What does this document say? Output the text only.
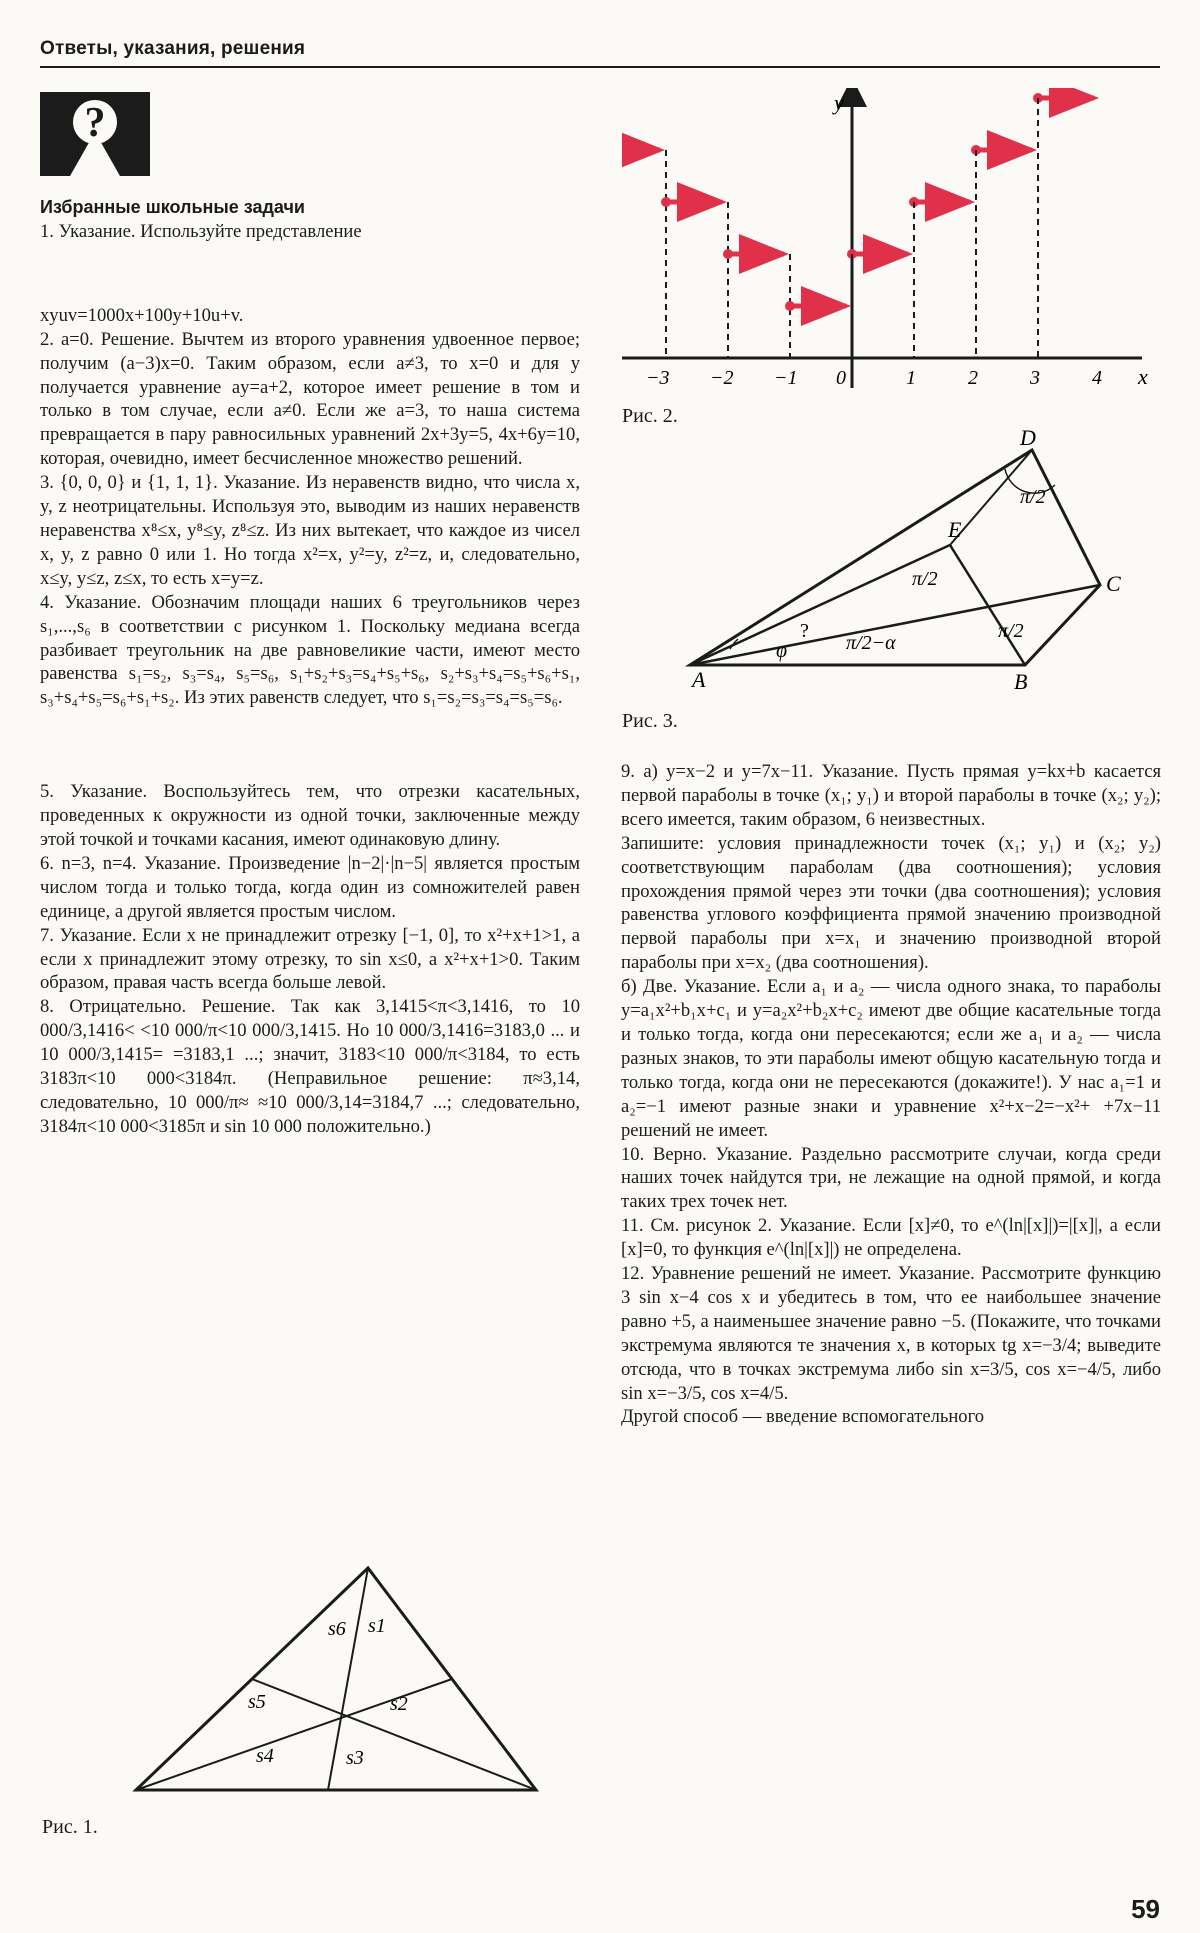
Ответы, указания, решения
?

Избранные школьные задачи

1. Указание. Используйте представление

xyuv=1000x+100y+10u+v.

2. a=0. Решение. Вычтем из второго уравнения удвоенное первое; получим (a−3)x=0. Таким образом, если a≠3, то x=0 и для y получается уравнение ay=a+2, которое имеет решение в том и только в том случае, если a≠0. Если же a=3, то наша система превращается в пару равносильных уравнений 2x+3y=5, 4x+6y=10, которая, очевидно, имеет бесчисленное множество решений.

3. {0, 0, 0} и {1, 1, 1}. Указание. Из неравенств видно, что числа x, y, z неотрицательны. Используя это, выводим из наших неравенств неравенства x⁸≤x, y⁸≤y, z⁸≤z. Из них вытекает, что каждое из чисел x, y, z равно 0 или 1. Но тогда x²=x, y²=y, z²=z, и, следовательно, x≤y, y≤z, z≤x, то есть x=y=z.

4. Указание. Обозначим площади наших 6 треугольников через s₁,...,s₆ в соответствии с рисунком 1. Поскольку медиана всегда разбивает треугольник на две равновеликие части, имеют место равенства s₁=s₂, s₃=s₄, s₅=s₆, s₁+s₂+s₃=s₄+s₅+s₆, s₂+s₃+s₄=s₅+s₆+s₁, s₃+s₄+s₅=s₆+s₁+s₂. Из этих равенств следует, что s₁=s₂=s₃=s₄=s₅=s₆.

5. Указание. Воспользуйтесь тем, что отрезки касательных, проведенных к окружности из одной точки, заключенные между этой точкой и точками касания, имеют одинаковую длину.

6. n=3, n=4. Указание. Произведение |n−2|·|n−5| является простым числом тогда и только тогда, когда один из сомножителей равен единице, а другой является простым числом.

7. Указание. Если x не принадлежит отрезку [−1, 0], то x²+x+1>1, а если x принадлежит этому отрезку, то sin x≤0, а x²+x+1>0. Таким образом, правая часть всегда больше левой.

8. Отрицательно. Решение. Так как 3,1415<π<3,1416, то 10 000/3,1416< <10 000/π<10 000/3,1415. Но 10 000/3,1416=3183,0 ... и 10 000/3,1415= =3183,1 ...; значит, 3183<10 000/π<3184, то есть 3183π<10 000<3184π. (Неправильное решение: π≈3,14, следовательно, 10 000/π≈ ≈10 000/3,14=3184,7 ...; следовательно, 3184π<10 000<3185π и sin 10 000 положительно.)

s6 s1
s5	s2
s4	s3
Рис. 1.
y
x
−3 −2 −1 0	1	2	3	4
Рис. 2.
A	B
C
D
E
π/2
π/2
π/2
π/2−α
φ
?
Рис. 3.

9. а) y=x−2 и y=7x−11. Указание. Пусть прямая y=kx+b касается первой параболы в точке (x₁; y₁) и второй параболы в точке (x₂; y₂); всего имеется, таким образом, 6 неизвестных.

Запишите: условия принадлежности точек (x₁; y₁) и (x₂; y₂) соответствующим параболам (два соотношения); условия прохождения прямой через эти точки (два соотношения); условия равенства углового коэффициента прямой значению производной первой параболы при x=x₁ и значению производной второй параболы при x=x₂ (два соотношения).

б) Две. Указание. Если a₁ и a₂ — числа одного знака, то параболы y=a₁x²+b₁x+c₁ и y=a₂x²+b₂x+c₂ имеют две общие касательные тогда и только тогда, когда они пересекаются; если же a₁ и a₂ — числа разных знаков, то эти параболы имеют общую касательную тогда и только тогда, когда они не пересекаются (докажите!). У нас a₁=1 и a₂=−1 имеют разные знаки и уравнение x²+x−2=−x²+ +7x−11 решений не имеет.

10. Верно. Указание. Раздельно рассмотрите случаи, когда среди наших точек найдутся три, не лежащие на одной прямой, и когда таких трех точек нет.

11. См. рисунок 2. Указание. Если [x]≠0, то e^(ln|[x]|)=|[x]|, а если [x]=0, то функция e^(ln|[x]|) не определена.

12. Уравнение решений не имеет. Указание. Рассмотрите функцию 3 sin x−4 cos x и убедитесь в том, что ее наибольшее значение равно +5, а наименьшее значение равно −5. (Покажите, что точками экстремума являются те значения x, в которых tg x=−3/4; выведите отсюда, что в точках экстремума либо sin x=3/5, cos x=−4/5, либо sin x=−3/5, cos x=4/5.

Другой способ — введение вспомогательного

59
